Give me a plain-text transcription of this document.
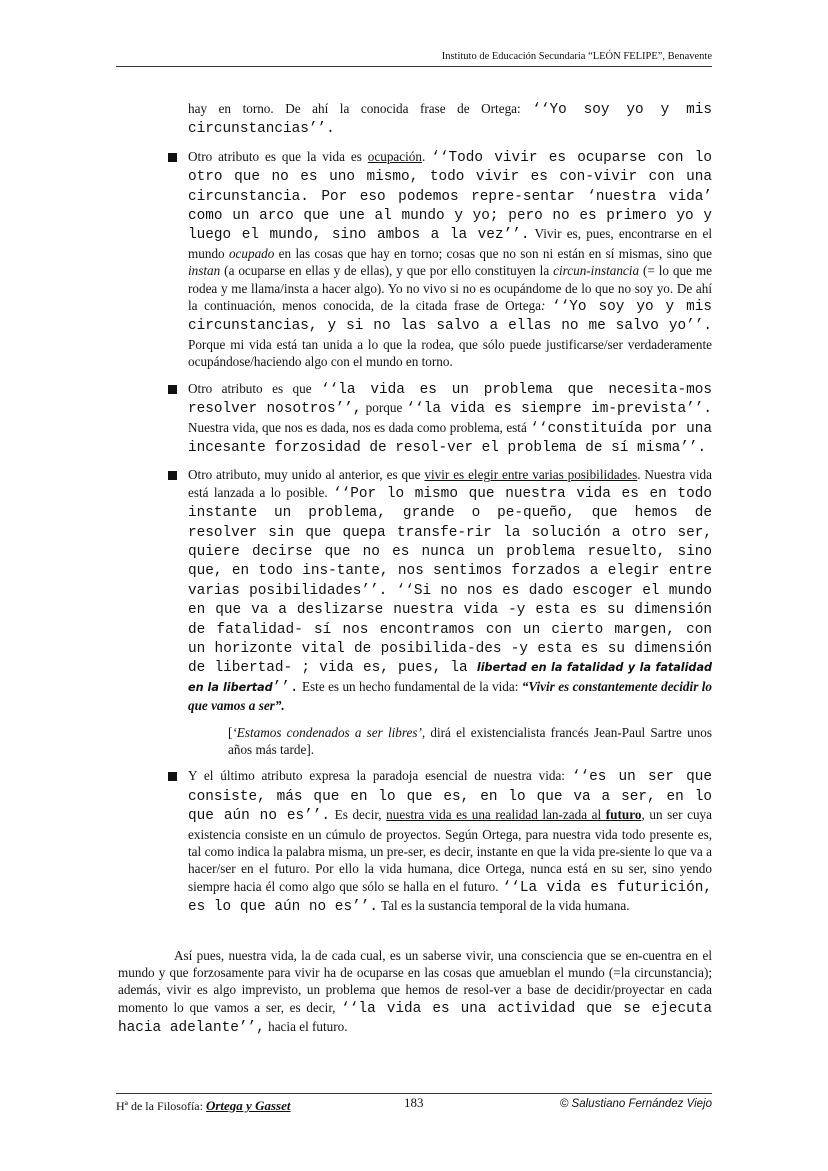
Instituto de Educación Secundaria “LEÓN FELIPE”, Benavente

hay en torno. De ahí la conocida frase de Ortega: ‘‘Yo soy yo y mis circunstancias’’.

Otro atributo es que la vida es ocupación. ‘‘Todo vivir es ocuparse con lo otro que no es uno mismo, todo vivir es con-vivir con una circunstancia. Por eso podemos repre-sentar ‘nuestra vida’ como un arco que une al mundo y yo; pero no es primero yo y luego el mundo, sino ambos a la vez’’. Vivir es, pues, encontrarse en el mundo ocupado en las cosas que hay en torno; cosas que no son ni están en sí mismas, sino que instan (a ocuparse en ellas y de ellas), y que por ello constituyen la circun-instancia (= lo que me rodea y me llama/insta a hacer algo). Yo no vivo si no es ocupándome de lo que no soy yo. De ahí la continuación, menos conocida, de la citada frase de Ortega: ‘‘Yo soy yo y mis circunstancias, y si no las salvo a ellas no me salvo yo’’. Porque mi vida está tan unida a lo que la rodea, que sólo puede justificarse/ser verdaderamente ocupándose/haciendo algo con el mundo en torno.
Otro atributo es que ‘‘la vida es un problema que necesita-mos resolver nosotros’’, porque ‘‘la vida es siempre im-prevista’’. Nuestra vida, que nos es dada, nos es dada como problema, está ‘‘constituída por una incesante forzosidad de resol-ver el problema de sí misma’’.
Otro atributo, muy unido al anterior, es que vivir es elegir entre varias posibilidades. Nuestra vida está lanzada a lo posible. ‘‘Por lo mismo que nuestra vida es en todo instante un problema, grande o pe-queño, que hemos de resolver sin que quepa transfe-rir la solución a otro ser, quiere decirse que no es nunca un problema resuelto, sino que, en todo ins-tante, nos sentimos forzados a elegir entre varias posibilidades’’. ‘‘Si no nos es dado escoger el mundo en que va a deslizarse nuestra vida -y esta es su dimensión de fatalidad- sí nos encontramos con un cierto margen, con un horizonte vital de posibilida-des -y esta es su dimensión de libertad- ; vida es, pues, la libertad en la fatalidad y la fatalidad en la libertad’’. Este es un hecho fundamental de la vida: “Vivir es constantemente decidir lo que vamos a ser”.

[‘Estamos condenados a ser libres’, dirá el existencialista francés Jean-Paul Sartre unos años más tarde].

Y el último atributo expresa la paradoja esencial de nuestra vida: ‘‘es un ser que consiste, más que en lo que es, en lo que va a ser, en lo que aún no es’’. Es decir, nuestra vida es una realidad lan-zada al futuro, un ser cuya existencia consiste en un cúmulo de proyectos. Según Ortega, para nuestra vida todo presente es, tal como indica la palabra misma, un pre-ser, es decir, instante en que la vida pre-siente lo que va a hacer/ser en el futuro. Por ello la vida humana, dice Ortega, nunca está en su ser, sino yendo siempre hacia él como algo que sólo se halla en el futuro. ‘‘La vida es futurición, es lo que aún no es’’. Tal es la sustancia temporal de la vida humana.

Así pues, nuestra vida, la de cada cual, es un saberse vivir, una consciencia que se en-cuentra en el mundo y que forzosamente para vivir ha de ocuparse en las cosas que amueblan el mundo (=la circunstancia); además, vivir es algo imprevisto, un problema que hemos de resol-ver a base de decidir/proyectar en cada momento lo que vamos a ser, es decir, ‘‘la vida es una actividad que se ejecuta hacia adelante’’, hacia el futuro.

Hª de la Filosofía: Ortega y Gasset	183	© Salustiano Fernández Viejo
